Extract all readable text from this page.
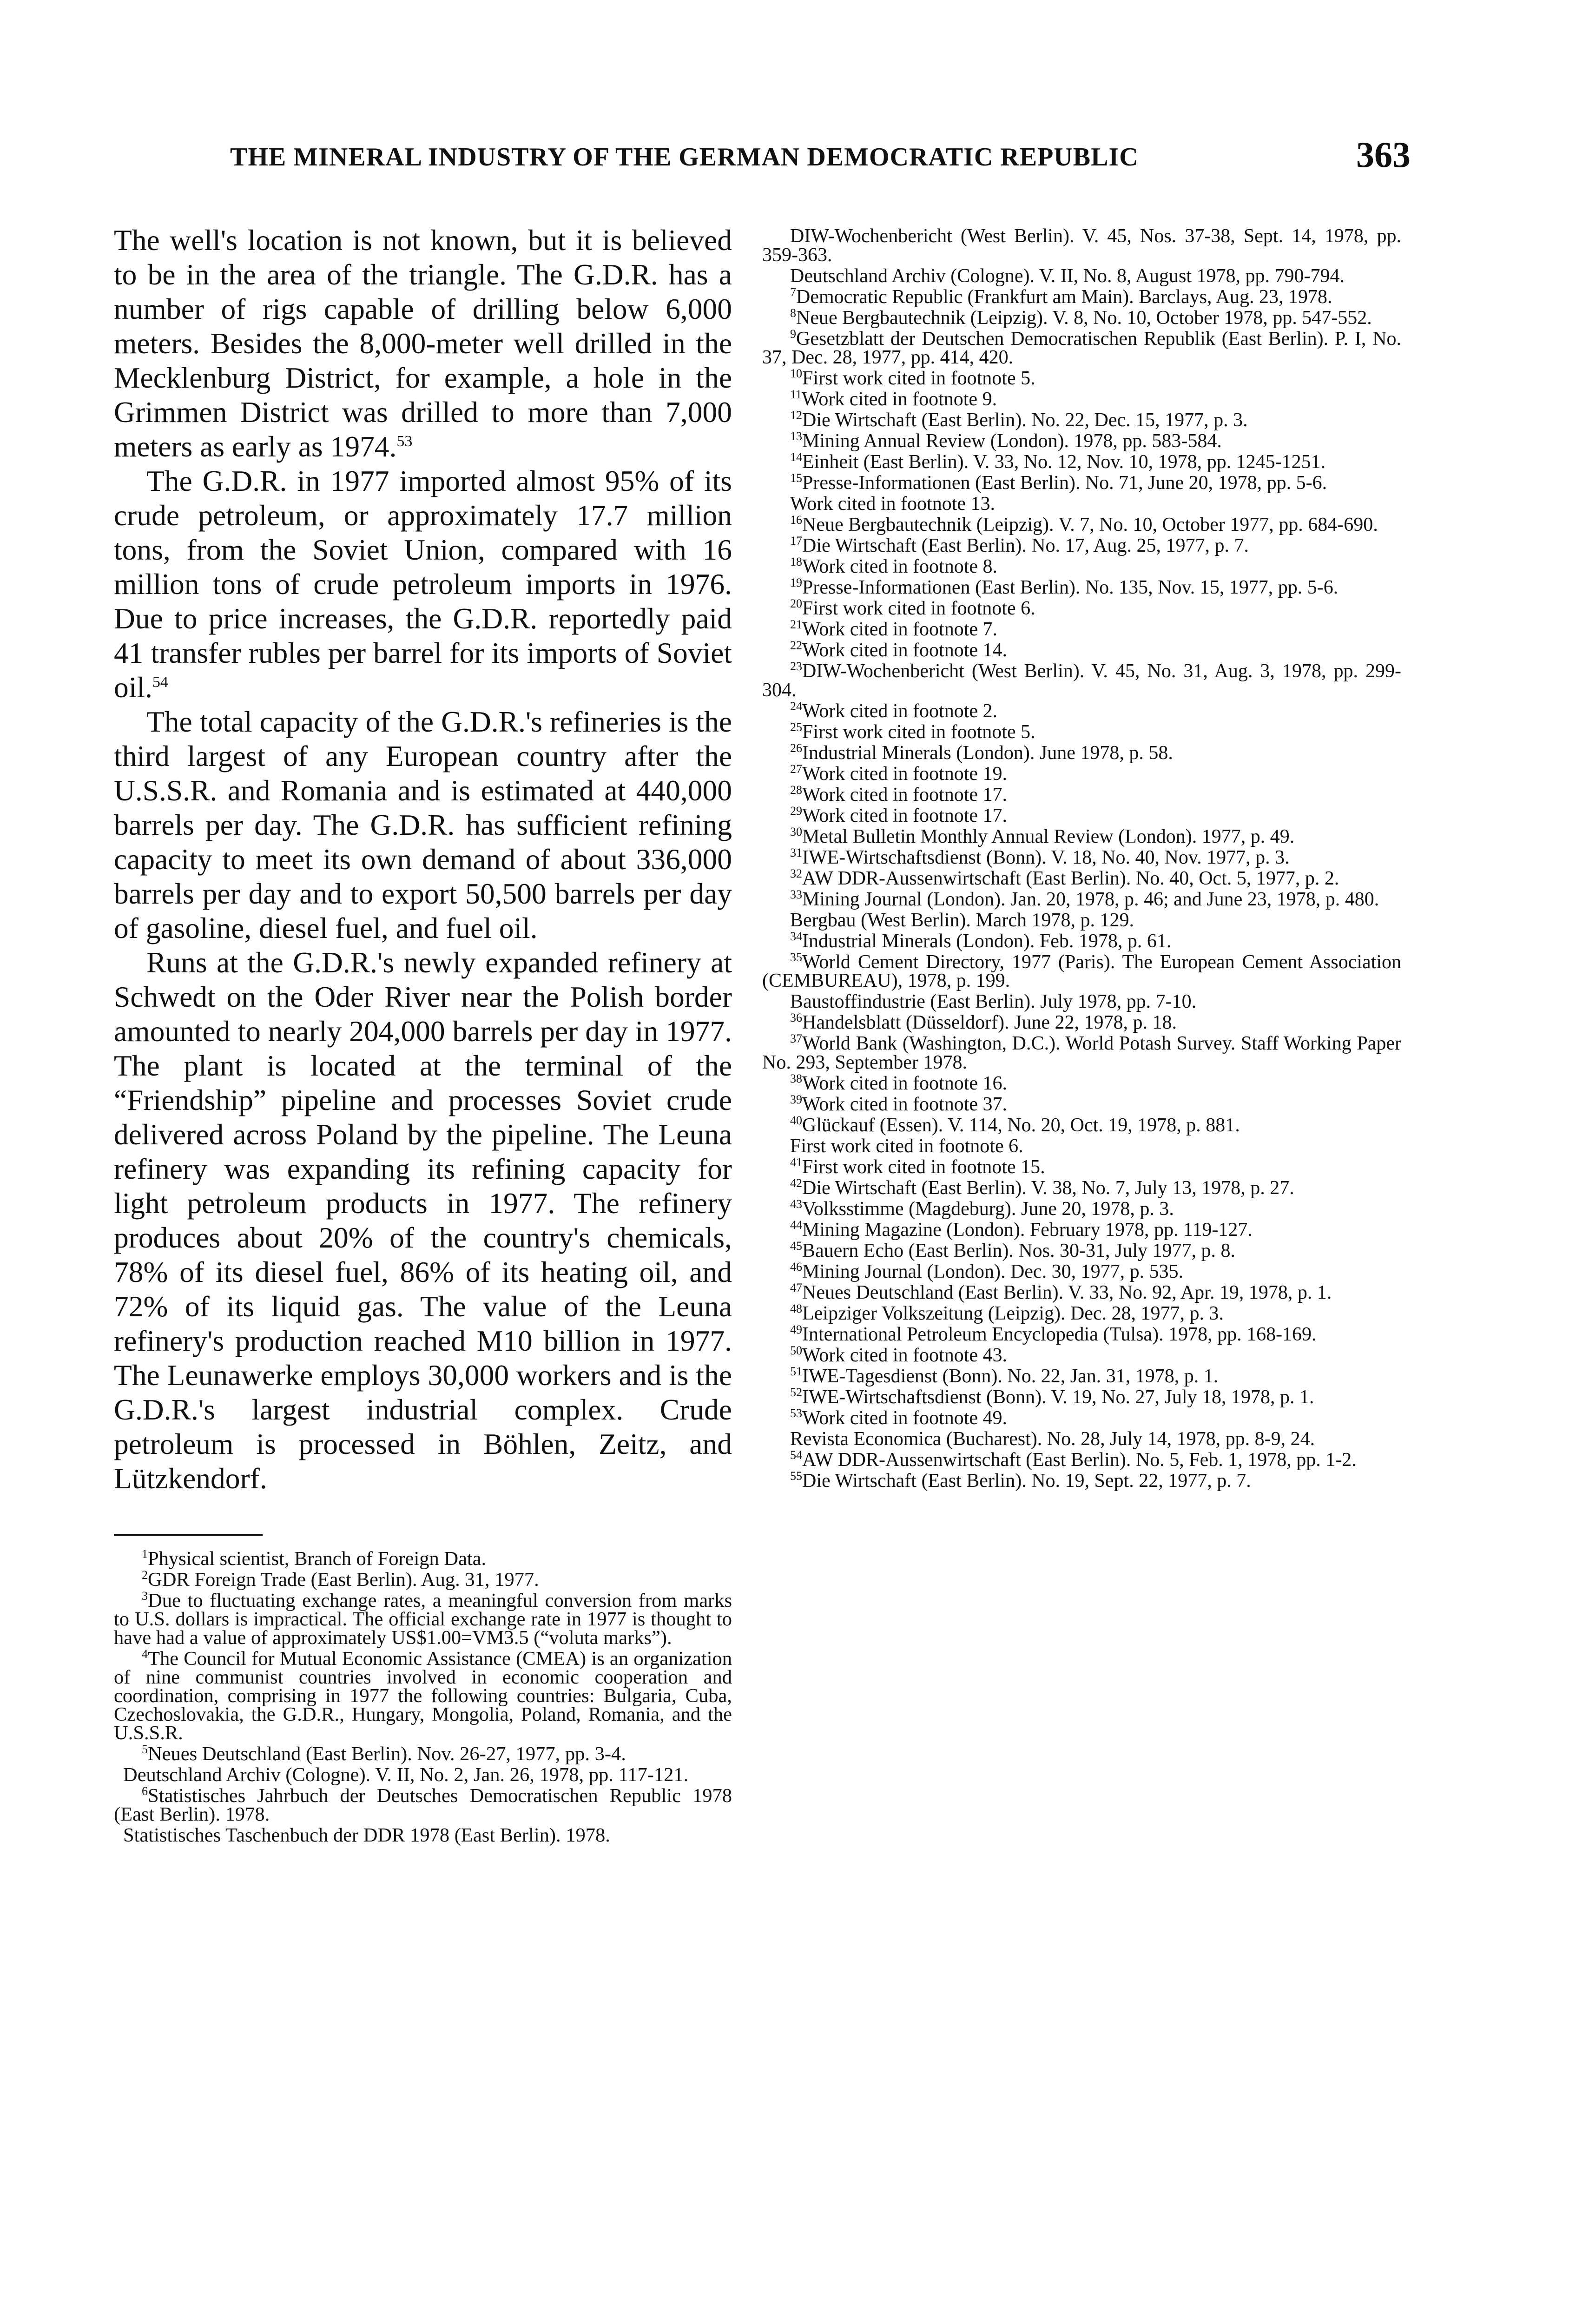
THE MINERAL INDUSTRY OF THE GERMAN DEMOCRATIC REPUBLIC	363

The well's location is not known, but it is believed to be in the area of the triangle. The G.D.R. has a number of rigs capable of drilling below 6,000 meters. Besides the 8,000-meter well drilled in the Mecklenburg District, for example, a hole in the Grimmen District was drilled to more than 7,000 meters as early as 1974.53

The G.D.R. in 1977 imported almost 95% of its crude petroleum, or approximately 17.7 million tons, from the Soviet Union, compared with 16 million tons of crude petroleum imports in 1976. Due to price increases, the G.D.R. reportedly paid 41 transfer rubles per barrel for its imports of Soviet oil.$^{54}$

The total capacity of the G.D.R.'s refineries is the third largest of any European country after the U.S.S.R. and Romania and is estimated at 440,000 barrels per day. The G.D.R. has sufficient refining capacity to meet its own demand of about 336,000 barrels per day and to export 50,500 barrels per day of gasoline, diesel fuel, and fuel oil.

Runs at the G.D.R.'s newly expanded refinery at Schwedt on the Oder River near the Polish border amounted to nearly 204,000 barrels per day in 1977. The plant is located at the terminal of the “Friendship” pipeline and processes Soviet crude delivered across Poland by the pipeline. The Leuna refinery was expanding its refining capacity for light petroleum products in 1977. The refinery produces about 20% of the country's chemicals, 78% of its diesel fuel, 86% of its heating oil, and 72% of its liquid gas. The value of the Leuna refinery's production reached M10 billion in 1977. The Leunawerke employs 30,000 workers and is the G.D.R.'s largest industrial complex. Crude petroleum is processed in Böhlen, Zeitz, and Lützkendorf.

$^1$Physical scientist, Branch of Foreign Data.
$^2$GDR Foreign Trade (East Berlin). Aug. 31, 1977.
$^3$Due to fluctuating exchange rates, a meaningful conversion from marks to U.S. dollars is impractical. The official exchange rate in 1977 is thought to have had a value of approximately US$1.00=VM3.5 (“voluta marks”).
$^4$The Council for Mutual Economic Assistance (CMEA) is an organization of nine communist countries involved in economic cooperation and coordination, comprising in 1977 the following countries: Bulgaria, Cuba, Czechoslovakia, the G.D.R., Hungary, Mongolia, Poland, Romania, and the U.S.S.R.
$^5$Neues Deutschland (East Berlin). Nov. 26-27, 1977, pp. 3-4.
Deutschland Archiv (Cologne). V. II, No. 2, Jan. 26, 1978, pp. 117-121.
$^6$Statistisches Jahrbuch der Deutsches Democratischen Republic 1978 (East Berlin). 1978.
Statistisches Taschenbuch der DDR 1978 (East Berlin). 1978.
DIW-Wochenbericht (West Berlin). V. 45, Nos. 37-38, Sept. 14, 1978, pp. 359-363.
Deutschland Archiv (Cologne). V. II, No. 8, August 1978, pp. 790-794.
$^7$Democratic Republic (Frankfurt am Main). Barclays, Aug. 23, 1978.
$^8$Neue Bergbautechnik (Leipzig). V. 8, No. 10, October 1978, pp. 547-552.
$^9$Gesetzblatt der Deutschen Democratischen Republik (East Berlin). P. I, No. 37, Dec. 28, 1977, pp. 414, 420.
$^{10}$First work cited in footnote 5.
$^{11}$Work cited in footnote 9.
$^{12}$Die Wirtschaft (East Berlin). No. 22, Dec. 15, 1977, p. 3.
$^{13}$Mining Annual Review (London). 1978, pp. 583-584.
$^{14}$Einheit (East Berlin). V. 33, No. 12, Nov. 10, 1978, pp. 1245-1251.
$^{15}$Presse-Informationen (East Berlin). No. 71, June 20, 1978, pp. 5-6.
Work cited in footnote 13.
$^{16}$Neue Bergbautechnik (Leipzig). V. 7, No. 10, October 1977, pp. 684-690.
$^{17}$Die Wirtschaft (East Berlin). No. 17, Aug. 25, 1977, p. 7.
$^{18}$Work cited in footnote 8.
$^{19}$Presse-Informationen (East Berlin). No. 135, Nov. 15, 1977, pp. 5-6.
$^{20}$First work cited in footnote 6.
$^{21}$Work cited in footnote 7.
$^{22}$Work cited in footnote 14.
$^{23}$DIW-Wochenbericht (West Berlin). V. 45, No. 31, Aug. 3, 1978, pp. 299-304.
$^{24}$Work cited in footnote 2.
$^{25}$First work cited in footnote 5.
$^{26}$Industrial Minerals (London). June 1978, p. 58.
$^{27}$Work cited in footnote 19.
$^{28}$Work cited in footnote 17.
$^{29}$Work cited in footnote 17.
$^{30}$Metal Bulletin Monthly Annual Review (London). 1977, p. 49.
$^{31}$IWE-Wirtschaftsdienst (Bonn). V. 18, No. 40, Nov. 1977, p. 3.
$^{32}$AW DDR-Aussenwirtschaft (East Berlin). No. 40, Oct. 5, 1977, p. 2.
$^{33}$Mining Journal (London). Jan. 20, 1978, p. 46; and June 23, 1978, p. 480.
Bergbau (West Berlin). March 1978, p. 129.
$^{34}$Industrial Minerals (London). Feb. 1978, p. 61.
$^{35}$World Cement Directory, 1977 (Paris). The European Cement Association (CEMBUREAU), 1978, p. 199.
Baustoffindustrie (East Berlin). July 1978, pp. 7-10.
$^{36}$Handelsblatt (Düsseldorf). June 22, 1978, p. 18.
$^{37}$World Bank (Washington, D.C.). World Potash Survey. Staff Working Paper No. 293, September 1978.
$^{38}$Work cited in footnote 16.
$^{39}$Work cited in footnote 37.
$^{40}$Glückauf (Essen). V. 114, No. 20, Oct. 19, 1978, p. 881.
First work cited in footnote 6.
$^{41}$First work cited in footnote 15.
$^{42}$Die Wirtschaft (East Berlin). V. 38, No. 7, July 13, 1978, p. 27.
$^{43}$Volksstimme (Magdeburg). June 20, 1978, p. 3.
$^{44}$Mining Magazine (London). February 1978, pp. 119-127.
$^{45}$Bauern Echo (East Berlin). Nos. 30-31, July 1977, p. 8.
$^{46}$Mining Journal (London). Dec. 30, 1977, p. 535.
$^{47}$Neues Deutschland (East Berlin). V. 33, No. 92, Apr. 19, 1978, p. 1.
$^{48}$Leipziger Volkszeitung (Leipzig). Dec. 28, 1977, p. 3.
$^{49}$International Petroleum Encyclopedia (Tulsa). 1978, pp. 168-169.
$^{50}$Work cited in footnote 43.
$^{51}$IWE-Tagesdienst (Bonn). No. 22, Jan. 31, 1978, p. 1.
$^{52}$IWE-Wirtschaftsdienst (Bonn). V. 19, No. 27, July 18, 1978, p. 1.
$^{53}$Work cited in footnote 49.
Revista Economica (Bucharest). No. 28, July 14, 1978, pp. 8-9, 24.
$^{54}$AW DDR-Aussenwirtschaft (East Berlin). No. 5, Feb. 1, 1978, pp. 1-2.
$^{55}$Die Wirtschaft (East Berlin). No. 19, Sept. 22, 1977, p. 7.
